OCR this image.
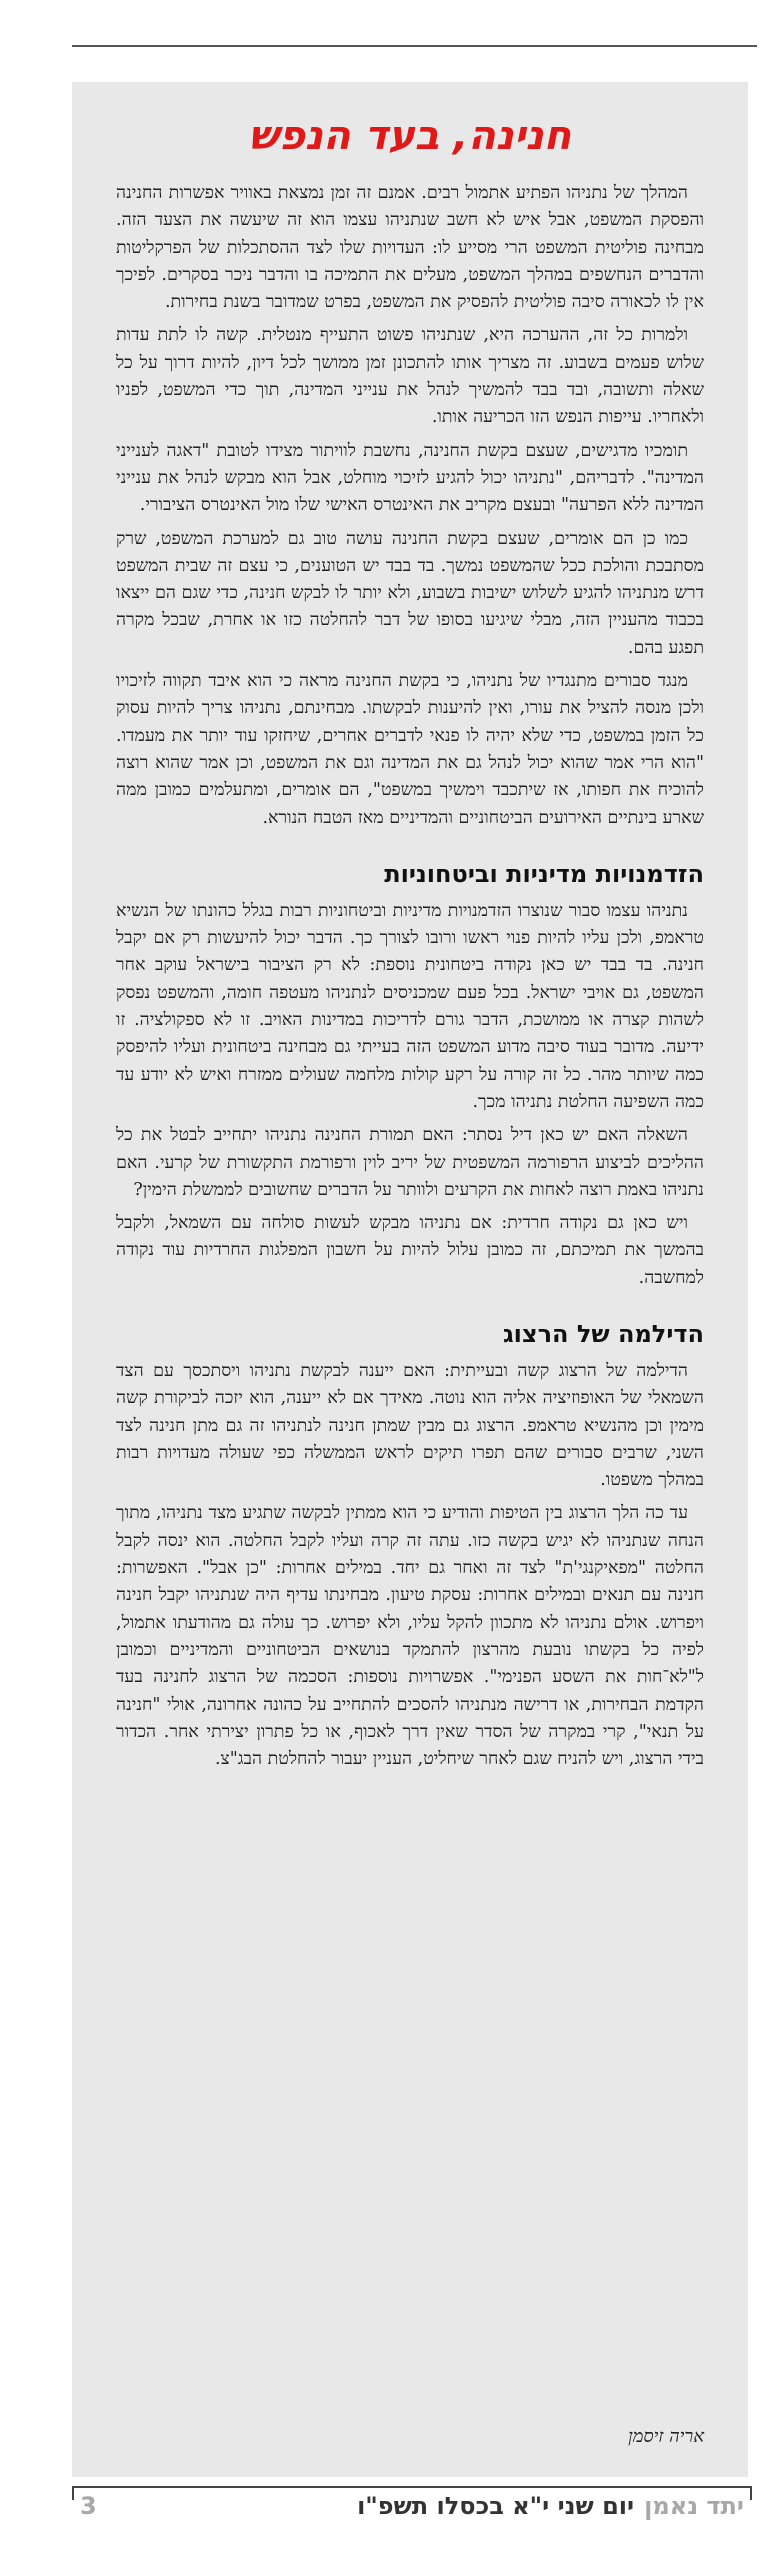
חנינה, בעד הנפש

המהלך של נתניהו הפתיע אתמול רבים. אמנם זה זמן נמצאת באוויר אפשרות החנינה והפסקת המשפט, אבל איש לא חשב שנתניהו עצמו הוא זה שיעשה את הצעד הזה. מבחינה פוליטית המשפט הרי מסייע לו: העדויות שלו לצד ההסתכלות של הפרקליטות והדברים הנחשפים במהלך המשפט, מעלים את התמיכה בו והדבר ניכר בסקרים. לפיכך אין לו לכאורה סיבה פוליטית להפסיק את המשפט, בפרט שמדובר בשנת בחירות.

ולמרות כל זה, ההערכה היא, שנתניהו פשוט התעייף מנטלית. קשה לו לתת עדות שלוש פעמים בשבוע. זה מצריך אותו להתכונן זמן ממושך לכל דיון, להיות דרוך על כל שאלה ותשובה, ובד בבד להמשיך לנהל את ענייני המדינה, תוך כדי המשפט, לפניו ולאחריו. עייפות הנפש הזו הכריעה אותו.

תומכיו מדגישים, שעצם בקשת החנינה, נחשבת לוויתור מצידו לטובת "דאגה לענייני המדינה". לדבריהם, "נתניהו יכול להגיע לזיכוי מוחלט, אבל הוא מבקש לנהל את ענייני המדינה ללא הפרעה" ובעצם מקריב את האינטרס האישי שלו מול האינטרס הציבורי.

כמו כן הם אומרים, שעצם בקשת החנינה עושה טוב גם למערכת המשפט, שרק מסתבכת והולכת ככל שהמשפט נמשך. בד בבד יש הטוענים, כי עצם זה שבית המשפט דרש מנתניהו להגיע לשלוש ישיבות בשבוע, ולא יותר לו לבקש חנינה, כדי שגם הם ייצאו בכבוד מהעניין הזה, מבלי שיגיעו בסופו של דבר להחלטה כזו או אחרת, שבכל מקרה תפגע בהם.

מנגד סבורים מתנגדיו של נתניהו, כי בקשת החנינה מראה כי הוא איבד תקווה לזיכויו ולכן מנסה להציל את עורו, ואין להיענות לבקשתו. מבחינתם, נתניהו צריך להיות עסוק כל הזמן במשפט, כדי שלא יהיה לו פנאי לדברים אחרים, שיחזקו עוד יותר את מעמדו. "הוא הרי אמר שהוא יכול לנהל גם את המדינה וגם את המשפט, וכן אמר שהוא רוצה להוכיח את חפותו, אז שיתכבד וימשיך במשפט", הם אומרים, ומתעלמים כמובן ממה שארע בינתיים האירועים הביטחוניים והמדיניים מאז הטבח הנורא.

הזדמנויות מדיניות וביטחוניות

נתניהו עצמו סבור שנוצרו הזדמנויות מדיניות וביטחוניות רבות בגלל כהונתו של הנשיא טראמפ, ולכן עליו להיות פנוי ראשו ורובו לצורך כך. הדבר יכול להיעשות רק אם יקבל חנינה. בד בבד יש כאן נקודה ביטחונית נוספת: לא רק הציבור בישראל עוקב אחר המשפט, גם אויבי ישראל. בכל פעם שמכניסים לנתניהו מעטפה חומה, והמשפט נפסק לשהות קצרה או ממושכת, הדבר גורם לדריכות במדינות האויב. זו לא ספקולציה. זו ידיעה. מדובר בעוד סיבה מדוע המשפט הזה בעייתי גם מבחינה ביטחונית ועליו להיפסק כמה שיותר מהר. כל זה קורה על רקע קולות מלחמה שעולים ממזרח ואיש לא יודע עד כמה השפיעה החלטת נתניהו מכך.

השאלה האם יש כאן דיל נסתר: האם תמורת החנינה נתניהו יתחייב לבטל את כל ההליכים לביצוע הרפורמה המשפטית של יריב לוין ורפורמת התקשורת של קרעי. האם נתניהו באמת רוצה לאחות את הקרעים ולוותר על הדברים שחשובים לממשלת הימין?

ויש כאן גם נקודה חרדית: אם נתניהו מבקש לעשות סולחה עם השמאל, ולקבל בהמשך את תמיכתם, זה כמובן עלול להיות על חשבון המפלגות החרדיות עוד נקודה למחשבה.

הדילמה של הרצוג

הדילמה של הרצוג קשה ובעייתית: האם ייענה לבקשת נתניהו ויסתכסך עם הצד השמאלי של האופוזיציה אליה הוא נוטה. מאידך אם לא ייענה, הוא יזכה לביקורת קשה מימין וכן מהנשיא טראמפ. הרצוג גם מבין שמתן חנינה לנתניהו זה גם מתן חנינה לצד השני, שרבים סבורים שהם תפרו תיקים לראש הממשלה כפי שעולה מעדויות רבות במהלך משפטו.

עד כה הלך הרצוג בין הטיפות והודיע כי הוא ממתין לבקשה שתגיע מצד נתניהו, מתוך הנחה שנתניהו לא יגיש בקשה כזו. עתה זה קרה ועליו לקבל החלטה. הוא ינסה לקבל החלטה "מפאיקנגי'ת" לצד זה ואחר גם יחד. במילים אחרות: "כן אבל". האפשרות: חנינה עם תנאים ובמילים אחרות: עסקת טיעון. מבחינתו עדיף היה שנתניהו יקבל חנינה ויפרוש. אולם נתניהו לא מתכוון להקל עליו, ולא יפרוש. כך עולה גם מהודעתו אתמול, לפיה כל בקשתו נובעת מהרצון להתמקד בנושאים הביטחוניים והמדיניים וכמובן ל"לא־חות את השסע הפנימי". אפשרויות נוספות: הסכמה של הרצוג לחנינה בעד הקדמת הבחירות, או דרישה מנתניהו להסכים להתחייב על כהונה אחרונה, אולי "חנינה על תנאי", קרי במקרה של הסדר שאין דרך לאכוף, או כל פתרון יצירתי אחר. הכדור בידי הרצוג, ויש להניח שגם לאחר שיחליט, העניין יעבור להחלטת הבג"צ.

אריה זיסמן
יתד נאמן
יום שני י"א בכסלו תשפ"ו
3
